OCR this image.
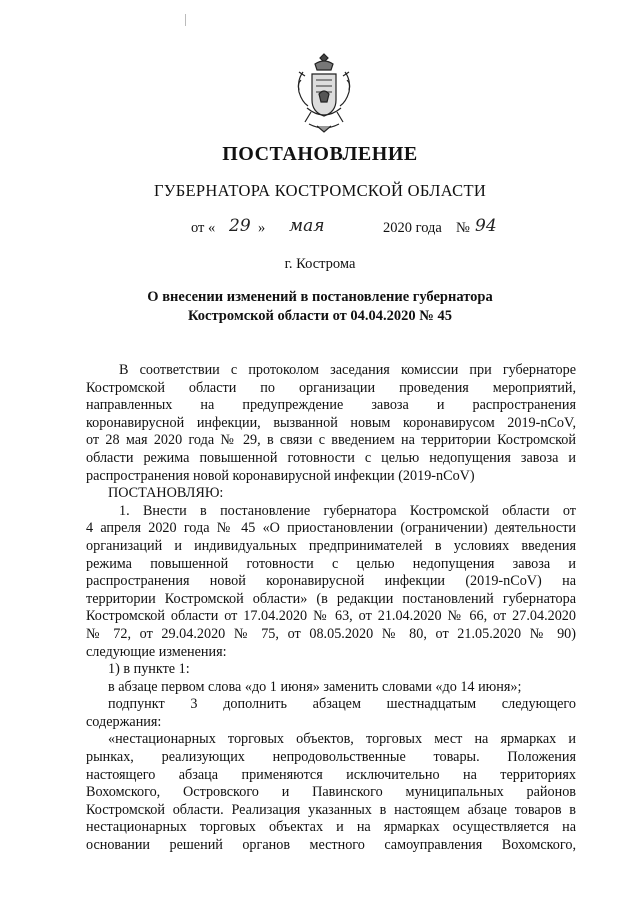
ПОСТАНОВЛЕНИЕ
ГУБЕРНАТОРА КОСТРОМСКОЙ ОБЛАСТИ
от « 29 » мая	2020 года № 94
г. Кострома
О внесении изменений в постановление губернатора
Костромской области от 04.04.2020 № 45
В соответствии с протоколом заседания комиссии при губернаторе
Костромской области по организации проведения мероприятий,
направленных на предупреждение завоза и распространения
коронавирусной инфекции, вызванной новым коронавирусом 2019-nCoV,
от 28 мая 2020 года № 29, в связи с введением на территории Костромской
области режима повышенной готовности с целью недопущения завоза и
распространения новой коронавирусной инфекции (2019-nCoV)
ПОСТАНОВЛЯЮ:
1. Внести в постановление губернатора Костромской области от
4 апреля 2020 года № 45 «О приостановлении (ограничении) деятельности
организаций и индивидуальных предпринимателей в условиях введения
режима повышенной готовности с целью недопущения завоза и
распространения новой коронавирусной инфекции (2019-nCoV) на
территории Костромской области» (в редакции постановлений губернатора
Костромской области от 17.04.2020 № 63, от 21.04.2020 № 66, от 27.04.2020
№ 72, от 29.04.2020 № 75, от 08.05.2020 № 80, от 21.05.2020 № 90)
следующие изменения:
1) в пункте 1:
в абзаце первом слова «до 1 июня» заменить словами «до 14 июня»;
подпункт 3 дополнить абзацем шестнадцатым следующего
содержания:
«нестационарных торговых объектов, торговых мест на ярмарках и
рынках, реализующих непродовольственные товары. Положения
настоящего абзаца применяются исключительно на территориях
Вохомского, Островского и Павинского муниципальных районов
Костромской области. Реализация указанных в настоящем абзаце товаров в
нестационарных торговых объектах и на ярмарках осуществляется на
основании решений органов местного самоуправления Вохомского,
